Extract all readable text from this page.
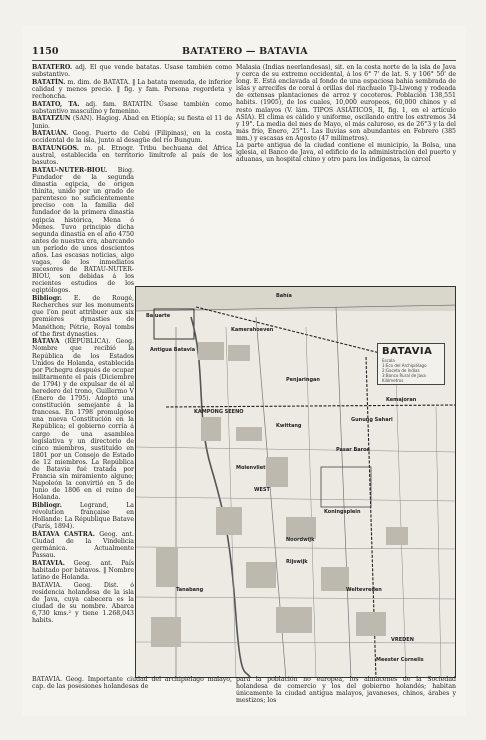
1150	BATATERO — BATAVIA
BATATERO. adj. El que vende batatas. Úsase también como substantivo.
BATATÍN. m. dim. de BATATA. ‖ La batata menuda, de inferior calidad y menos precio. ‖ fig. y fam. Persona regordeta y rechoncha.
BATATO, TA. adj. fam. BATATÍN. Úsase también como substantivo masculino y femenino.
BATATZUN (SAN). Hagiog. Abad en Etiopía; su fiesta el 11 de Junio.
BATAUÁN. Geog. Puerto de Cebú (Filipinas), en la costa occidental de la isla, junto al desagüe del río Bungum.
BATAUNGOS. m. pl. Etnogr. Tribu bechuana del África austral, establecida en territorio limítrofe al país de los basutos.
BATAU-NUTER-BIOU. Biog. Fundador de la segunda dinastía egipcia, de origen thinita, unido por un grado de parentesco no suficientemente preciso con la familia del fundador de la primera dinastía egipcia histórica, Mena ó Menes. Tuvo principio dicha segunda dinastía en el año 4750 antes de nuestra era, abarcando un período de unos doscientos años. Las escasas noticias, algo vagas, de los inmediatos sucesores de BATAU-NUTER-BIOU, son debidas á los recientes estudios de los egiptólogos.
Bibliogr. E. de Rougé, Recherches sur les monuments que l'on peut attribuer aux six premières dynasties de Manéthon; Pétrie, Royal tombs of the first dynasties.
BÁTAVA (REPÚBLICA). Geog. Nombre que recibió la República de los Estados Unidos de Holanda, establecida por Pichegru después de ocupar militarmente el país (Diciembre de 1794) y de expulsar de él al heredero del trono, Guillermo V (Enero de 1795). Adoptó una constitución semejante á la francesa. En 1798 promulgóse una nueva Constitución en la República; el gobierno corría á cargo de una asamblea legislativa y un directorio de cinco miembros, sustituído en 1801 por un Consejo de Estado de 12 miembros. La República de Batavia fué tratada por Francia sin miramiento alguno; Napoleón la convirtió en 5 de Junio de 1806 en el reino de Holanda.
Bibliogr. Legrand, La révolution française en Hollande: La République Batave (París, 1894).
BÁTAVA CASTRA. Geog. ant. Ciudad de la Vindelicia germánica. Actualmente Passau.
BATAVIA. Geog. ant. País habitado por bátavos. ‖ Nombre latino de Holanda.
BATAVIA. Geog. Dist. ó residencia holandesa de la isla de Java, cuya cabecera es la ciudad de su nombre. Abarca 6,730 kms.² y tiene 1.268,043 habits.
Malasia (Indias neerlandesas), sit. en la costa norte de la isla de Java y cerca de su extremo occidental, á los 6° 7' de lat. S. y 106° 50' de long. E. Está enclavada al fondo de una espaciosa bahía sembrada de islas y arrecifes de coral á orillas del riachuelo Tji-Liwong y rodeada de extensas plantaciones de arroz y cocoteros. Población 138,551 habits. (1905), de los cuales, 10,000 europeos, 60,000 chinos y el resto malayos (V. lám. TIPOS ASIÁTICOS, II, fig. 1, en el artículo ASIA). El clima es cálido y uniforme, oscilando entre los extremos 34 y 19°. La media del mes de Mayo, el más caluroso, es de 26°3 y la del más frío, Enero, 25°1. Las lluvias son abundantes en Febrero (385 mm.) y escasas en Agosto (47 milímetros).
La parte antigua de la ciudad contiene el municipio, la Bolsa, una iglesia, el Banco de Java, el edificio de la administración del puerto y aduanas, un hospital chino y otro para los indígenas, la cárcel
BATAVIA
Escala
1:Eco del Archipiélago
2:Gaceta de Indias
3:Banco Rural de Java
Kilómetros
Baluarte
Bahía
Antigua Batavia
Kamerahoeven
Penjaringan
KAMPONG SEENO
Kwittang
Molenvliet
Noordwijk
Rijswijk
Weltevreden
Pasar Baroe
Tanabang
Koningsplein
WEST
Meester Cornelis
VREDEN
Kemajoran
Gunung Sahari
BATAVIA. Geog. Importante ciudad del archipiélago malayo, cap. de las posesiones holandesas de
para la población no europea, los almacenes de la Sociedad holandesa de comercio y los del gobierno holandés; habitan únicamente la ciudad antigua malayos, javaneses, chinos, árabes y mestizos; los
